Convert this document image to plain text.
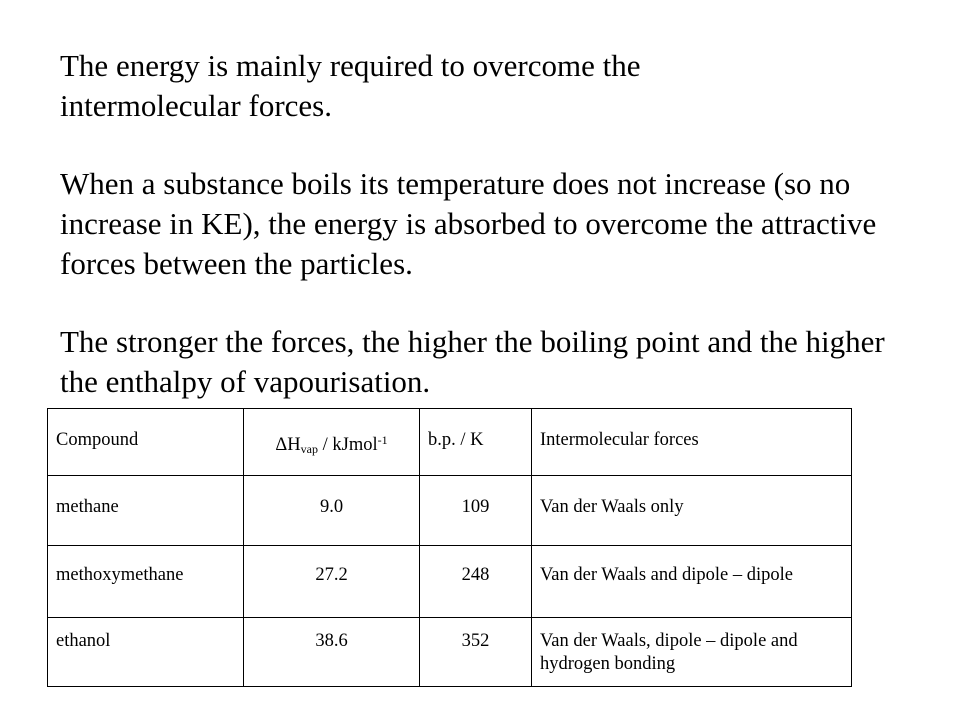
The energy is mainly required to overcome the intermolecular forces.

When a substance boils its temperature does not increase (so no increase in KE), the energy is absorbed to overcome the attractive forces between the particles.

The stronger the forces, the higher the boiling point and the higher the enthalpy of vapourisation.

Compound	$\Delta H_{vap}$ / kJmol$^{-1}$	b.p. / K	Intermolecular forces
methane	9.0	109	Van der Waals only
methoxymethane	27.2	248	Van der Waals and dipole – dipole
ethanol	38.6	352	Van der Waals, dipole – dipole and hydrogen bonding
